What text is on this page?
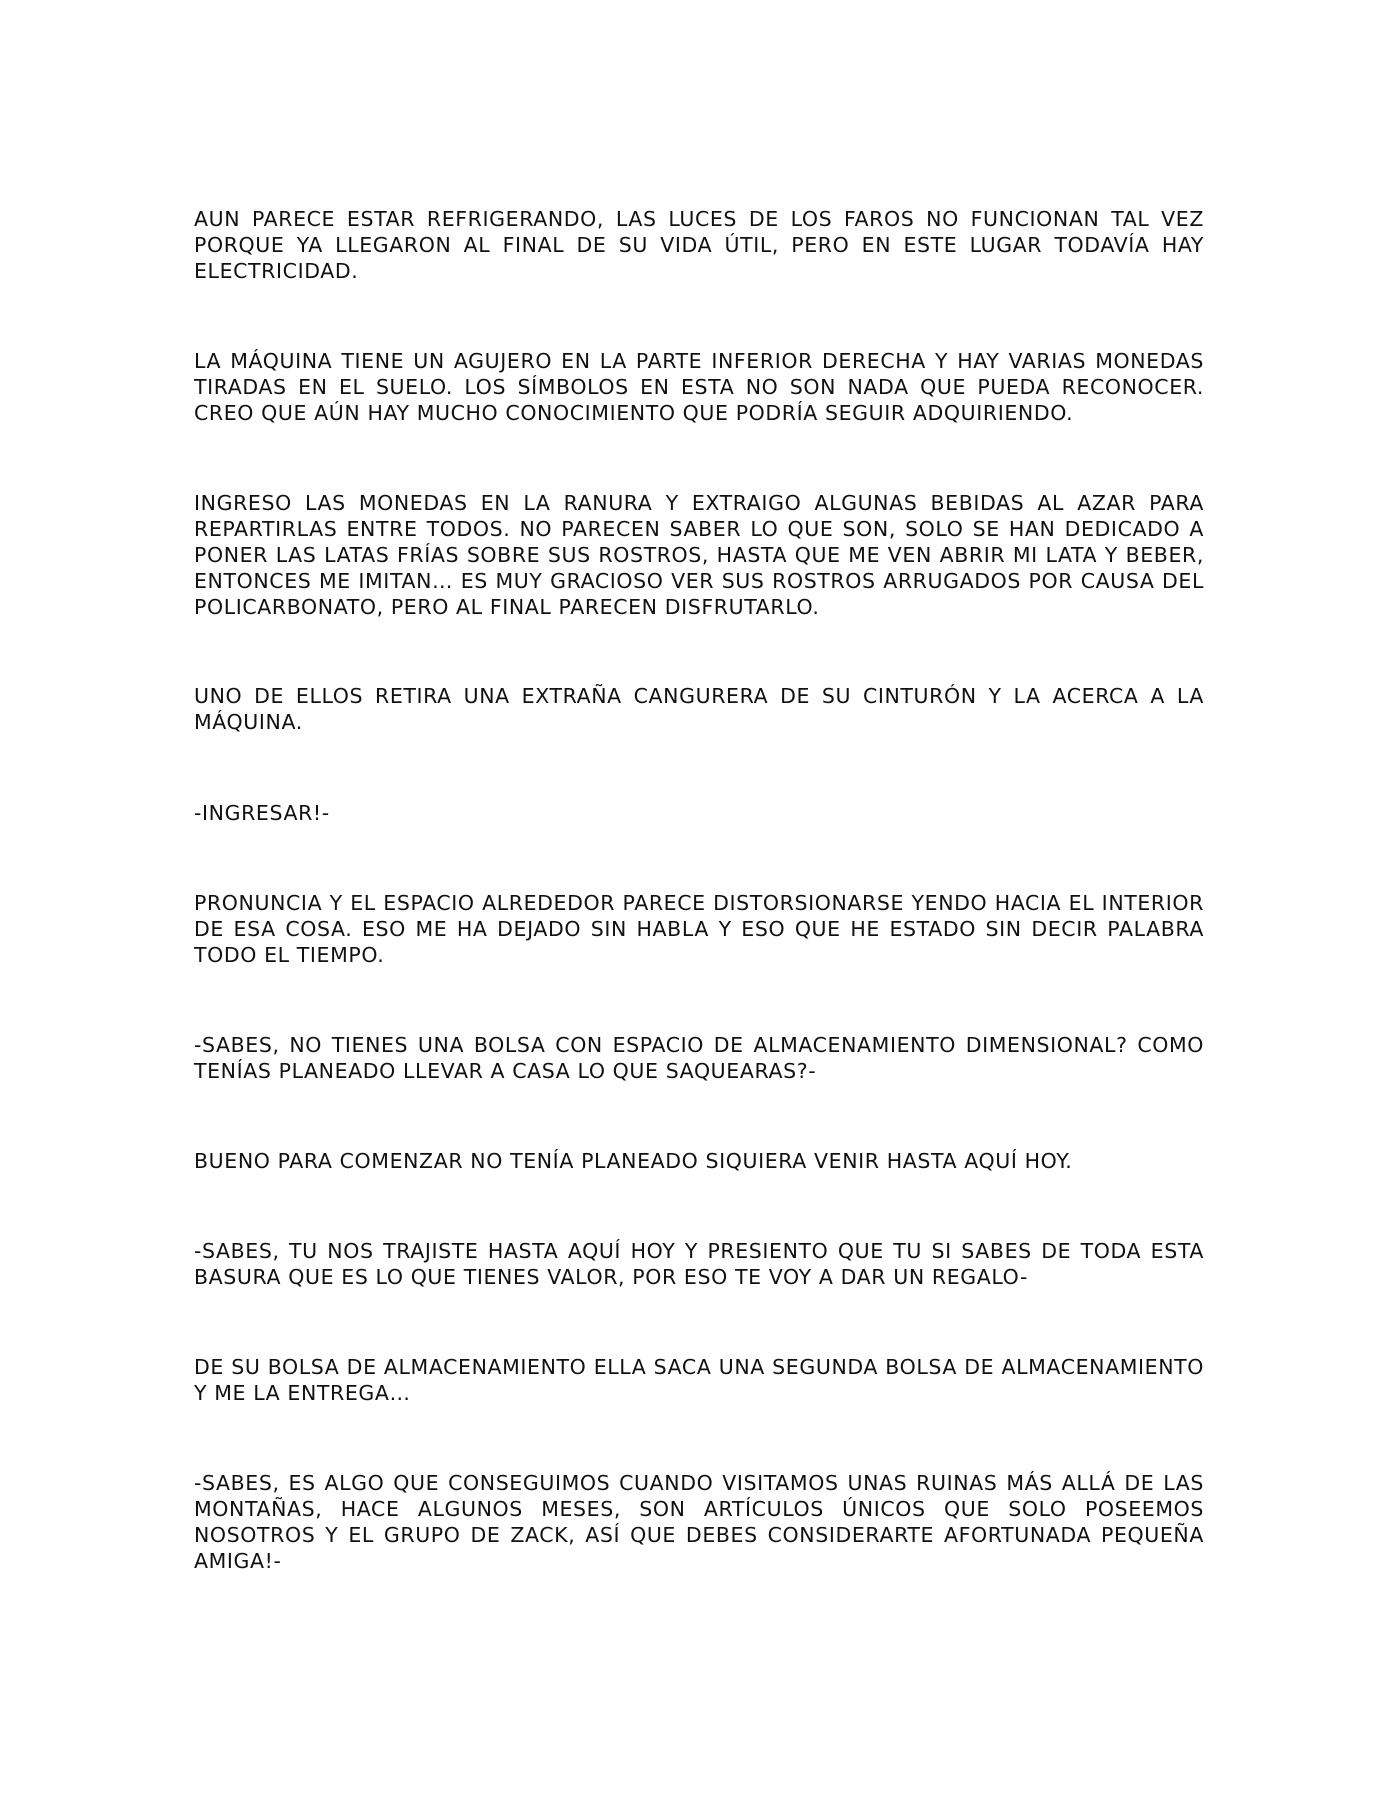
AUN PARECE ESTAR REFRIGERANDO, LAS LUCES DE LOS FAROS NO FUNCIONAN TAL VEZ PORQUE YA LLEGARON AL FINAL DE SU VIDA ÚTIL, PERO EN ESTE LUGAR TODAVÍA HAY ELECTRICIDAD.

LA MÁQUINA TIENE UN AGUJERO EN LA PARTE INFERIOR DERECHA Y HAY VARIAS MONEDAS TIRADAS EN EL SUELO. LOS SÍMBOLOS EN ESTA NO SON NADA QUE PUEDA RECONOCER. CREO QUE AÚN HAY MUCHO CONOCIMIENTO QUE PODRÍA SEGUIR ADQUIRIENDO.

INGRESO LAS MONEDAS EN LA RANURA Y EXTRAIGO ALGUNAS BEBIDAS AL AZAR PARA REPARTIRLAS ENTRE TODOS. NO PARECEN SABER LO QUE SON, SOLO SE HAN DEDICADO A PONER LAS LATAS FRÍAS SOBRE SUS ROSTROS, HASTA QUE ME VEN ABRIR MI LATA Y BEBER, ENTONCES ME IMITAN… ES MUY GRACIOSO VER SUS ROSTROS ARRUGADOS POR CAUSA DEL POLICARBONATO, PERO AL FINAL PARECEN DISFRUTARLO.

UNO DE ELLOS RETIRA UNA EXTRAÑA CANGURERA DE SU CINTURÓN Y LA ACERCA A LA MÁQUINA.

-INGRESAR!-

PRONUNCIA Y EL ESPACIO ALREDEDOR PARECE DISTORSIONARSE YENDO HACIA EL INTERIOR DE ESA COSA. ESO ME HA DEJADO SIN HABLA Y ESO QUE HE ESTADO SIN DECIR PALABRA TODO EL TIEMPO.

-SABES, NO TIENES UNA BOLSA CON ESPACIO DE ALMACENAMIENTO DIMENSIONAL? COMO TENÍAS PLANEADO LLEVAR A CASA LO QUE SAQUEARAS?-

BUENO PARA COMENZAR NO TENÍA PLANEADO SIQUIERA VENIR HASTA AQUÍ HOY.

-SABES, TU NOS TRAJISTE HASTA AQUÍ HOY Y PRESIENTO QUE TU SI SABES DE TODA ESTA BASURA QUE ES LO QUE TIENES VALOR, POR ESO TE VOY A DAR UN REGALO-

DE SU BOLSA DE ALMACENAMIENTO ELLA SACA UNA SEGUNDA BOLSA DE ALMACENAMIENTO Y ME LA ENTREGA…

-SABES, ES ALGO QUE CONSEGUIMOS CUANDO VISITAMOS UNAS RUINAS MÁS ALLÁ DE LAS MONTAÑAS, HACE ALGUNOS MESES, SON ARTÍCULOS ÚNICOS QUE SOLO POSEEMOS NOSOTROS Y EL GRUPO DE ZACK, ASÍ QUE DEBES CONSIDERARTE AFORTUNADA PEQUEÑA AMIGA!-
